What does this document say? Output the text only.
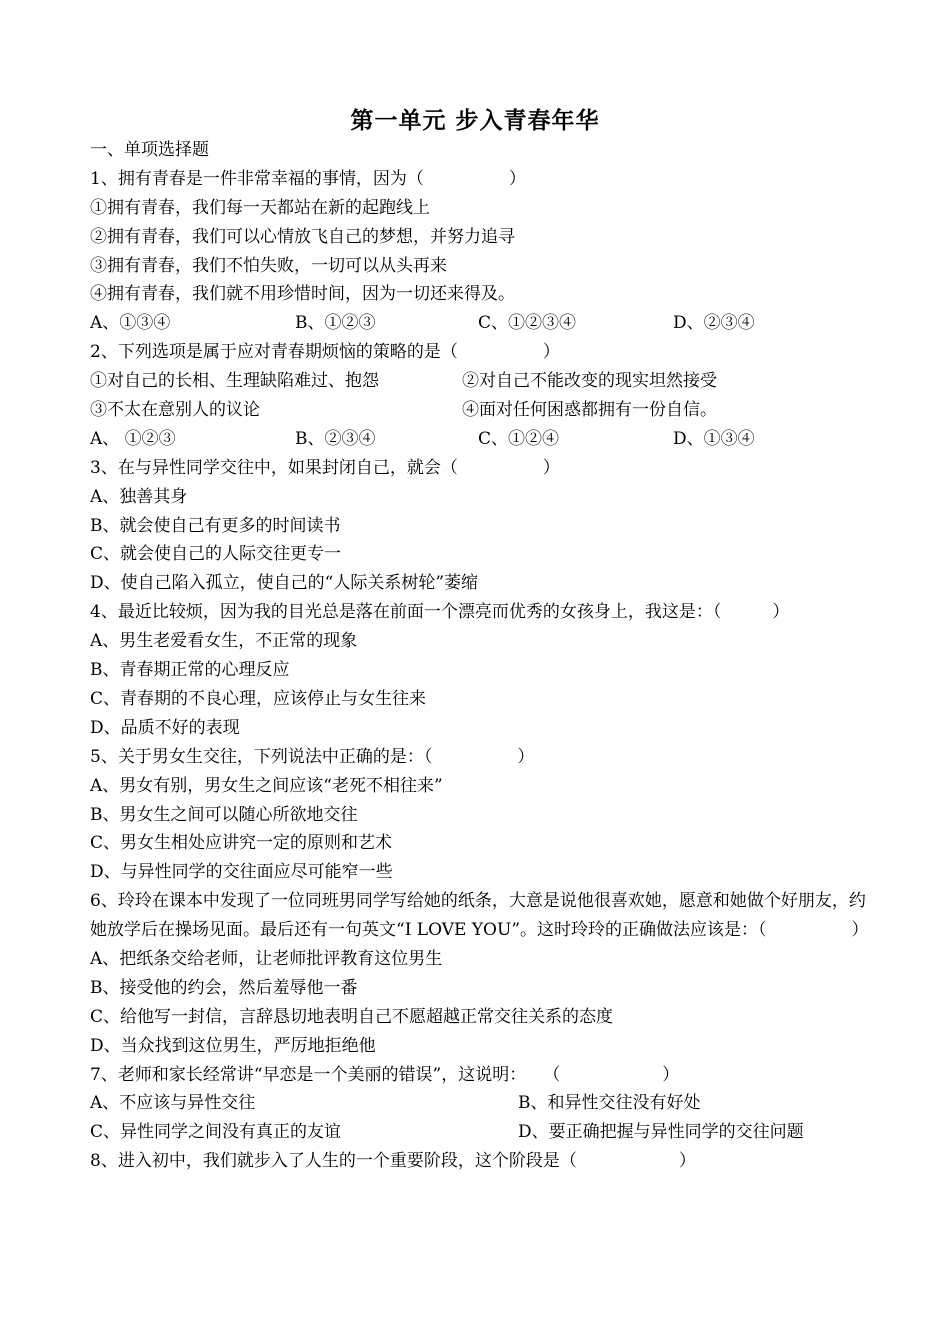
第一单元 步入青春年华
一、单项选择题
1、拥有青春是一件非常幸福的事情，因为（　　　　　）
①拥有青春，我们每一天都站在新的起跑线上
②拥有青春，我们可以心情放飞自己的梦想，并努力追寻
③拥有青春，我们不怕失败，一切可以从头再来
④拥有青春，我们就不用珍惜时间，因为一切还来得及。
A、①③④	B、①②③	C、①②③④	D、②③④
2、下列选项是属于应对青春期烦恼的策略的是（　　　　　）
①对自己的长相、生理缺陷难过、抱怨	②对自己不能改变的现实坦然接受
③不太在意别人的议论	④面对任何困惑都拥有一份自信。
A、 ①②③	B、②③④	C、①②④	D、①③④
3、在与异性同学交往中，如果封闭自己，就会（　　　　　）
A、独善其身
B、就会使自己有更多的时间读书
C、就会使自己的人际交往更专一
D、使自己陷入孤立，使自己的“人际关系树轮”萎缩
4、最近比较烦，因为我的目光总是落在前面一个漂亮而优秀的女孩身上，我这是：（　　　）
A、男生老爱看女生，不正常的现象
B、青春期正常的心理反应
C、青春期的不良心理，应该停止与女生往来
D、品质不好的表现
5、关于男女生交往，下列说法中正确的是：（　　　　　）
A、男女有别，男女生之间应该“老死不相往来”
B、男女生之间可以随心所欲地交往
C、男女生相处应讲究一定的原则和艺术
D、与异性同学的交往面应尽可能窄一些
6、玲玲在课本中发现了一位同班男同学写给她的纸条，大意是说他很喜欢她，愿意和她做个好朋友，约她放学后在操场见面。最后还有一句英文“I LOVE YOU”。这时玲玲的正确做法应该是：（　　　　　）
A、把纸条交给老师，让老师批评教育这位男生
B、接受他的约会，然后羞辱他一番
C、给他写一封信，言辞恳切地表明自己不愿超越正常交往关系的态度
D、当众找到这位男生，严厉地拒绝他
7、老师和家长经常讲“早恋是一个美丽的错误”，这说明：　　（　　　　　　）
A、不应该与异性交往	B、和异性交往没有好处
C、异性同学之间没有真正的友谊	D、要正确把握与异性同学的交往问题
8、进入初中，我们就步入了人生的一个重要阶段，这个阶段是（　　　　　　）
